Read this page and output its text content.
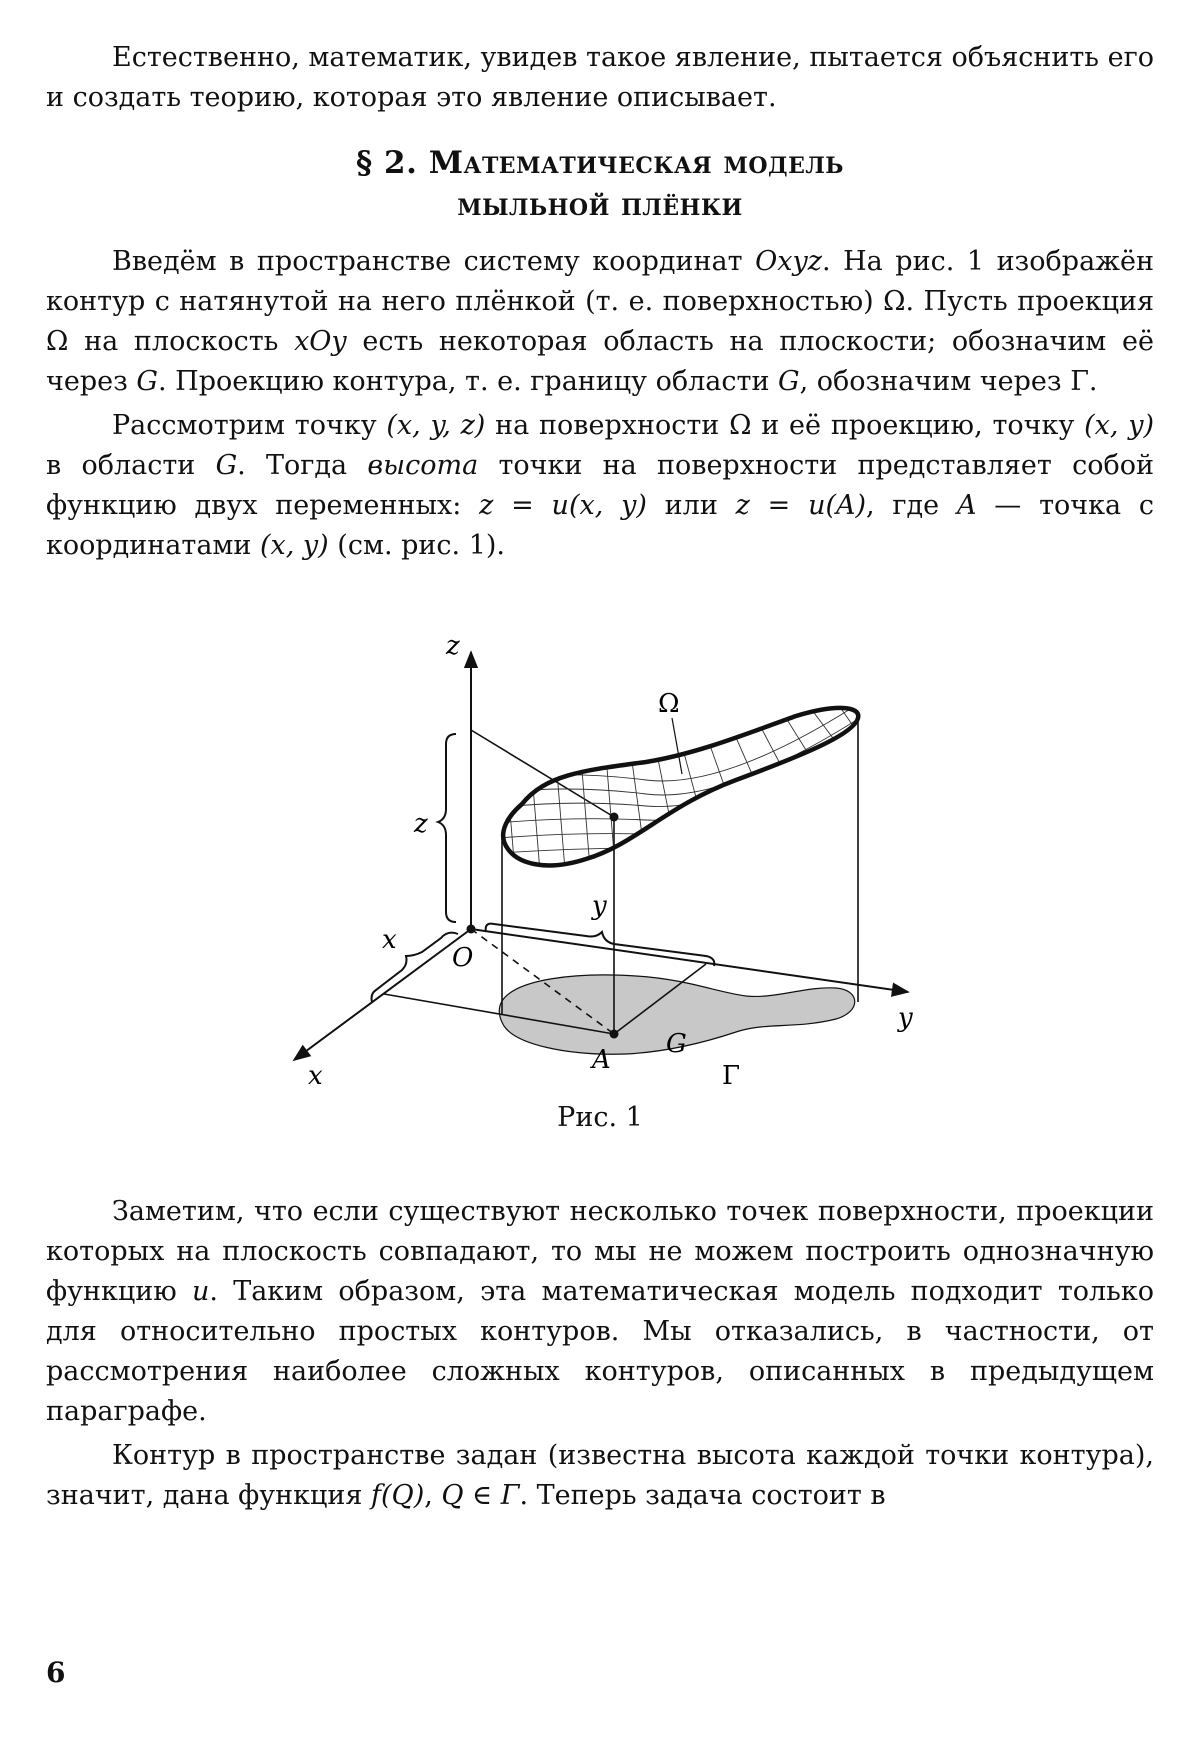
Естественно, математик, увидев такое явление, пытается объяснить его и создать теорию, которая это явление описывает.

§ 2. Математическая модель
мыльной плёнки

Введём в пространстве систему координат Oxyz. На рис. 1 изображён контур с натянутой на него плёнкой (т. е. поверхностью) Ω. Пусть проекция Ω на плоскость xOy есть некоторая область на плоскости; обозначим её через G. Проекцию контура, т. е. границу области G, обозначим через Γ.

Рассмотрим точку (x, y, z) на поверхности Ω и её проекцию, точку (x, y) в области G. Тогда высота точки на поверхности представляет собой функцию двух переменных: z = u(x, y) или z = u(A), где A — точка с координатами (x, y) (см. рис. 1).

z
y
x
O
Ω
G
Γ
A
z
x
y
Рис. 1

Заметим, что если существуют несколько точек поверхности, проекции которых на плоскость совпадают, то мы не можем построить однозначную функцию u. Таким образом, эта математическая модель подходит только для относительно простых контуров. Мы отказались, в частности, от рассмотрения наиболее сложных контуров, описанных в предыдущем параграфе.

Контур в пространстве задан (известна высота каждой точки контура), значит, дана функция f(Q), Q ∈ Γ. Теперь задача состоит в

6
